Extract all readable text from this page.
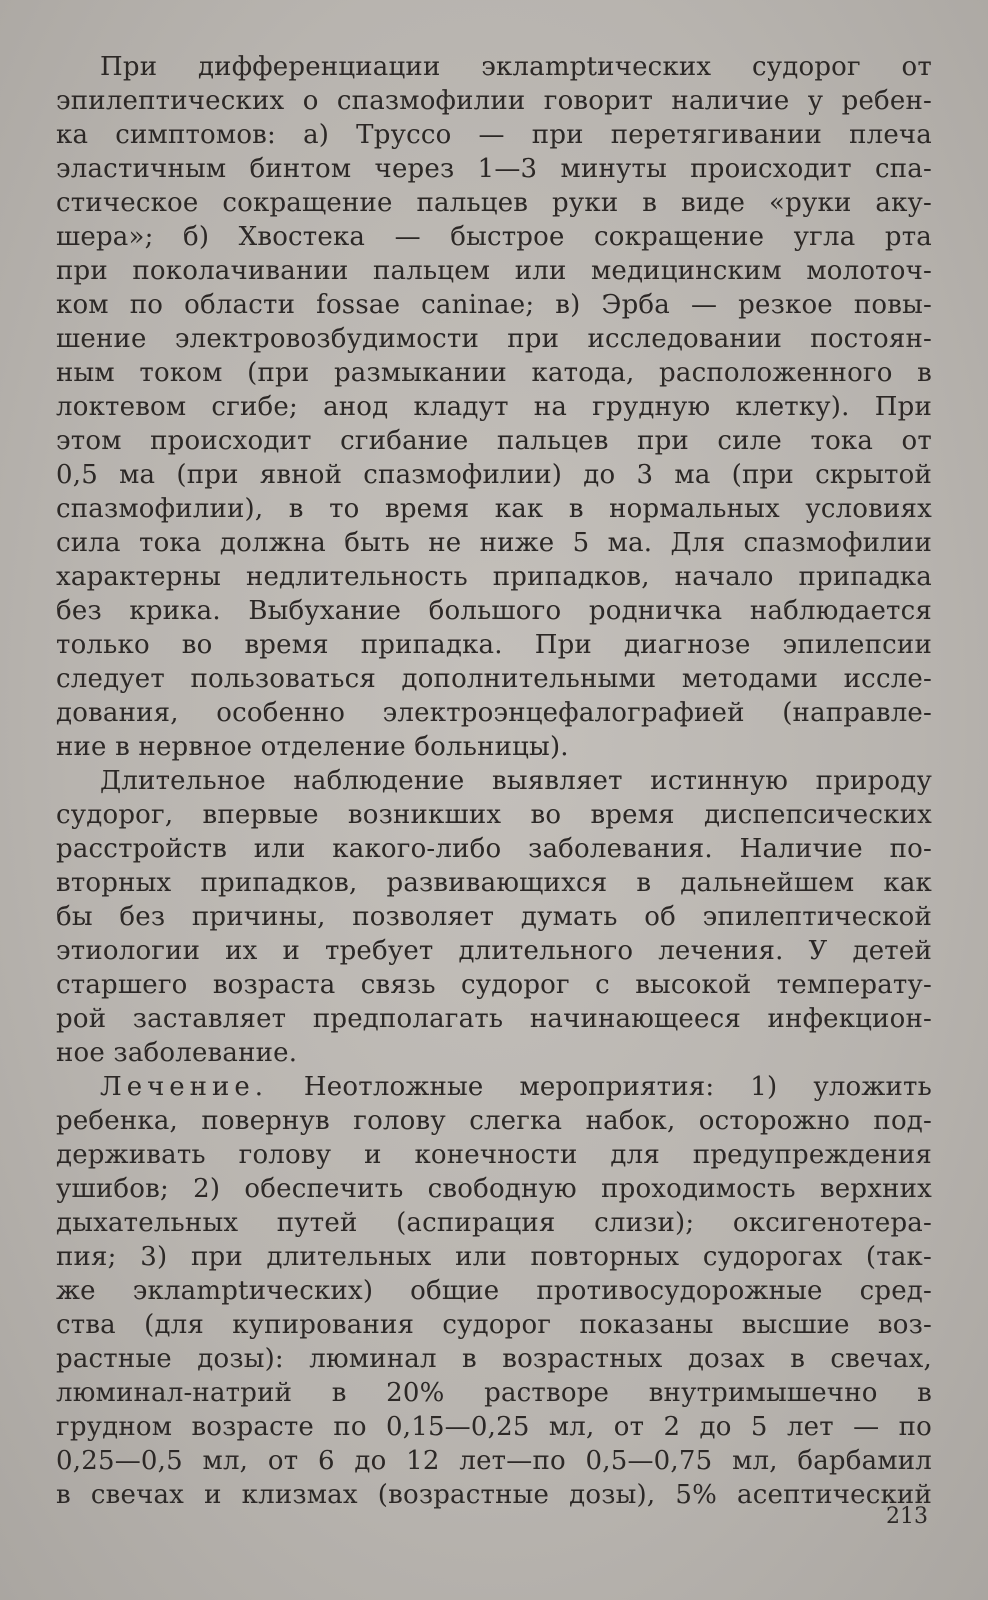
При дифференциации эклamptических судорог от
эпилептических о спазмофилии говорит наличие у ребен-
ка симптомов: а) Труссо — при перетягивании плеча
эластичным бинтом через 1—3 минуты происходит спа-
стическое сокращение пальцев руки в виде «руки аку-
шера»; б) Хвостека — быстрое сокращение угла рта
при поколачивании пальцем или медицинским молоточ-
ком по области fossae caninae; в) Эрба — резкое повы-
шение электровозбудимости при исследовании постоян-
ным током (при размыкании катода, расположенного в
локтевом сгибе; анод кладут на грудную клетку). При
этом происходит сгибание пальцев при силе тока от
0,5 ма (при явной спазмофилии) до 3 ма (при скрытой
спазмофилии), в то время как в нормальных условиях
сила тока должна быть не ниже 5 ма. Для спазмофилии
характерны недлительность припадков, начало припадка
без крика. Выбухание большого родничка наблюдается
только во время припадка. При диагнозе эпилепсии
следует пользоваться дополнительными методами иссле-
дования, особенно электроэнцефалографией (направле-
ние в нервное отделение больницы).
Длительное наблюдение выявляет истинную природу
судорог, впервые возникших во время диспепсических
расстройств или какого-либо заболевания. Наличие по-
вторных припадков, развивающихся в дальнейшем как
бы без причины, позволяет думать об эпилептической
этиологии их и требует длительного лечения. У детей
старшего возраста связь судорог с высокой температу-
рой заставляет предполагать начинающееся инфекцион-
ное заболевание.
Лечение. Неотложные мероприятия: 1) уложить
ребенка, повернув голову слегка набок, осторожно под-
держивать голову и конечности для предупреждения
ушибов; 2) обеспечить свободную проходимость верхних
дыхательных путей (аспирация слизи); оксигенотера-
пия; 3) при длительных или повторных судорогах (так-
же эклamptических) общие противосудорожные сред-
ства (для купирования судорог показаны высшие воз-
растные дозы): люминал в возрастных дозах в свечах,
люминал-натрий в 20% растворе внутримышечно в
грудном возрасте по 0,15—0,25 мл, от 2 до 5 лет — по
0,25—0,5 мл, от 6 до 12 лет—по 0,5—0,75 мл, барбамил
в свечах и клизмах (возрастные дозы), 5% асептический
213
